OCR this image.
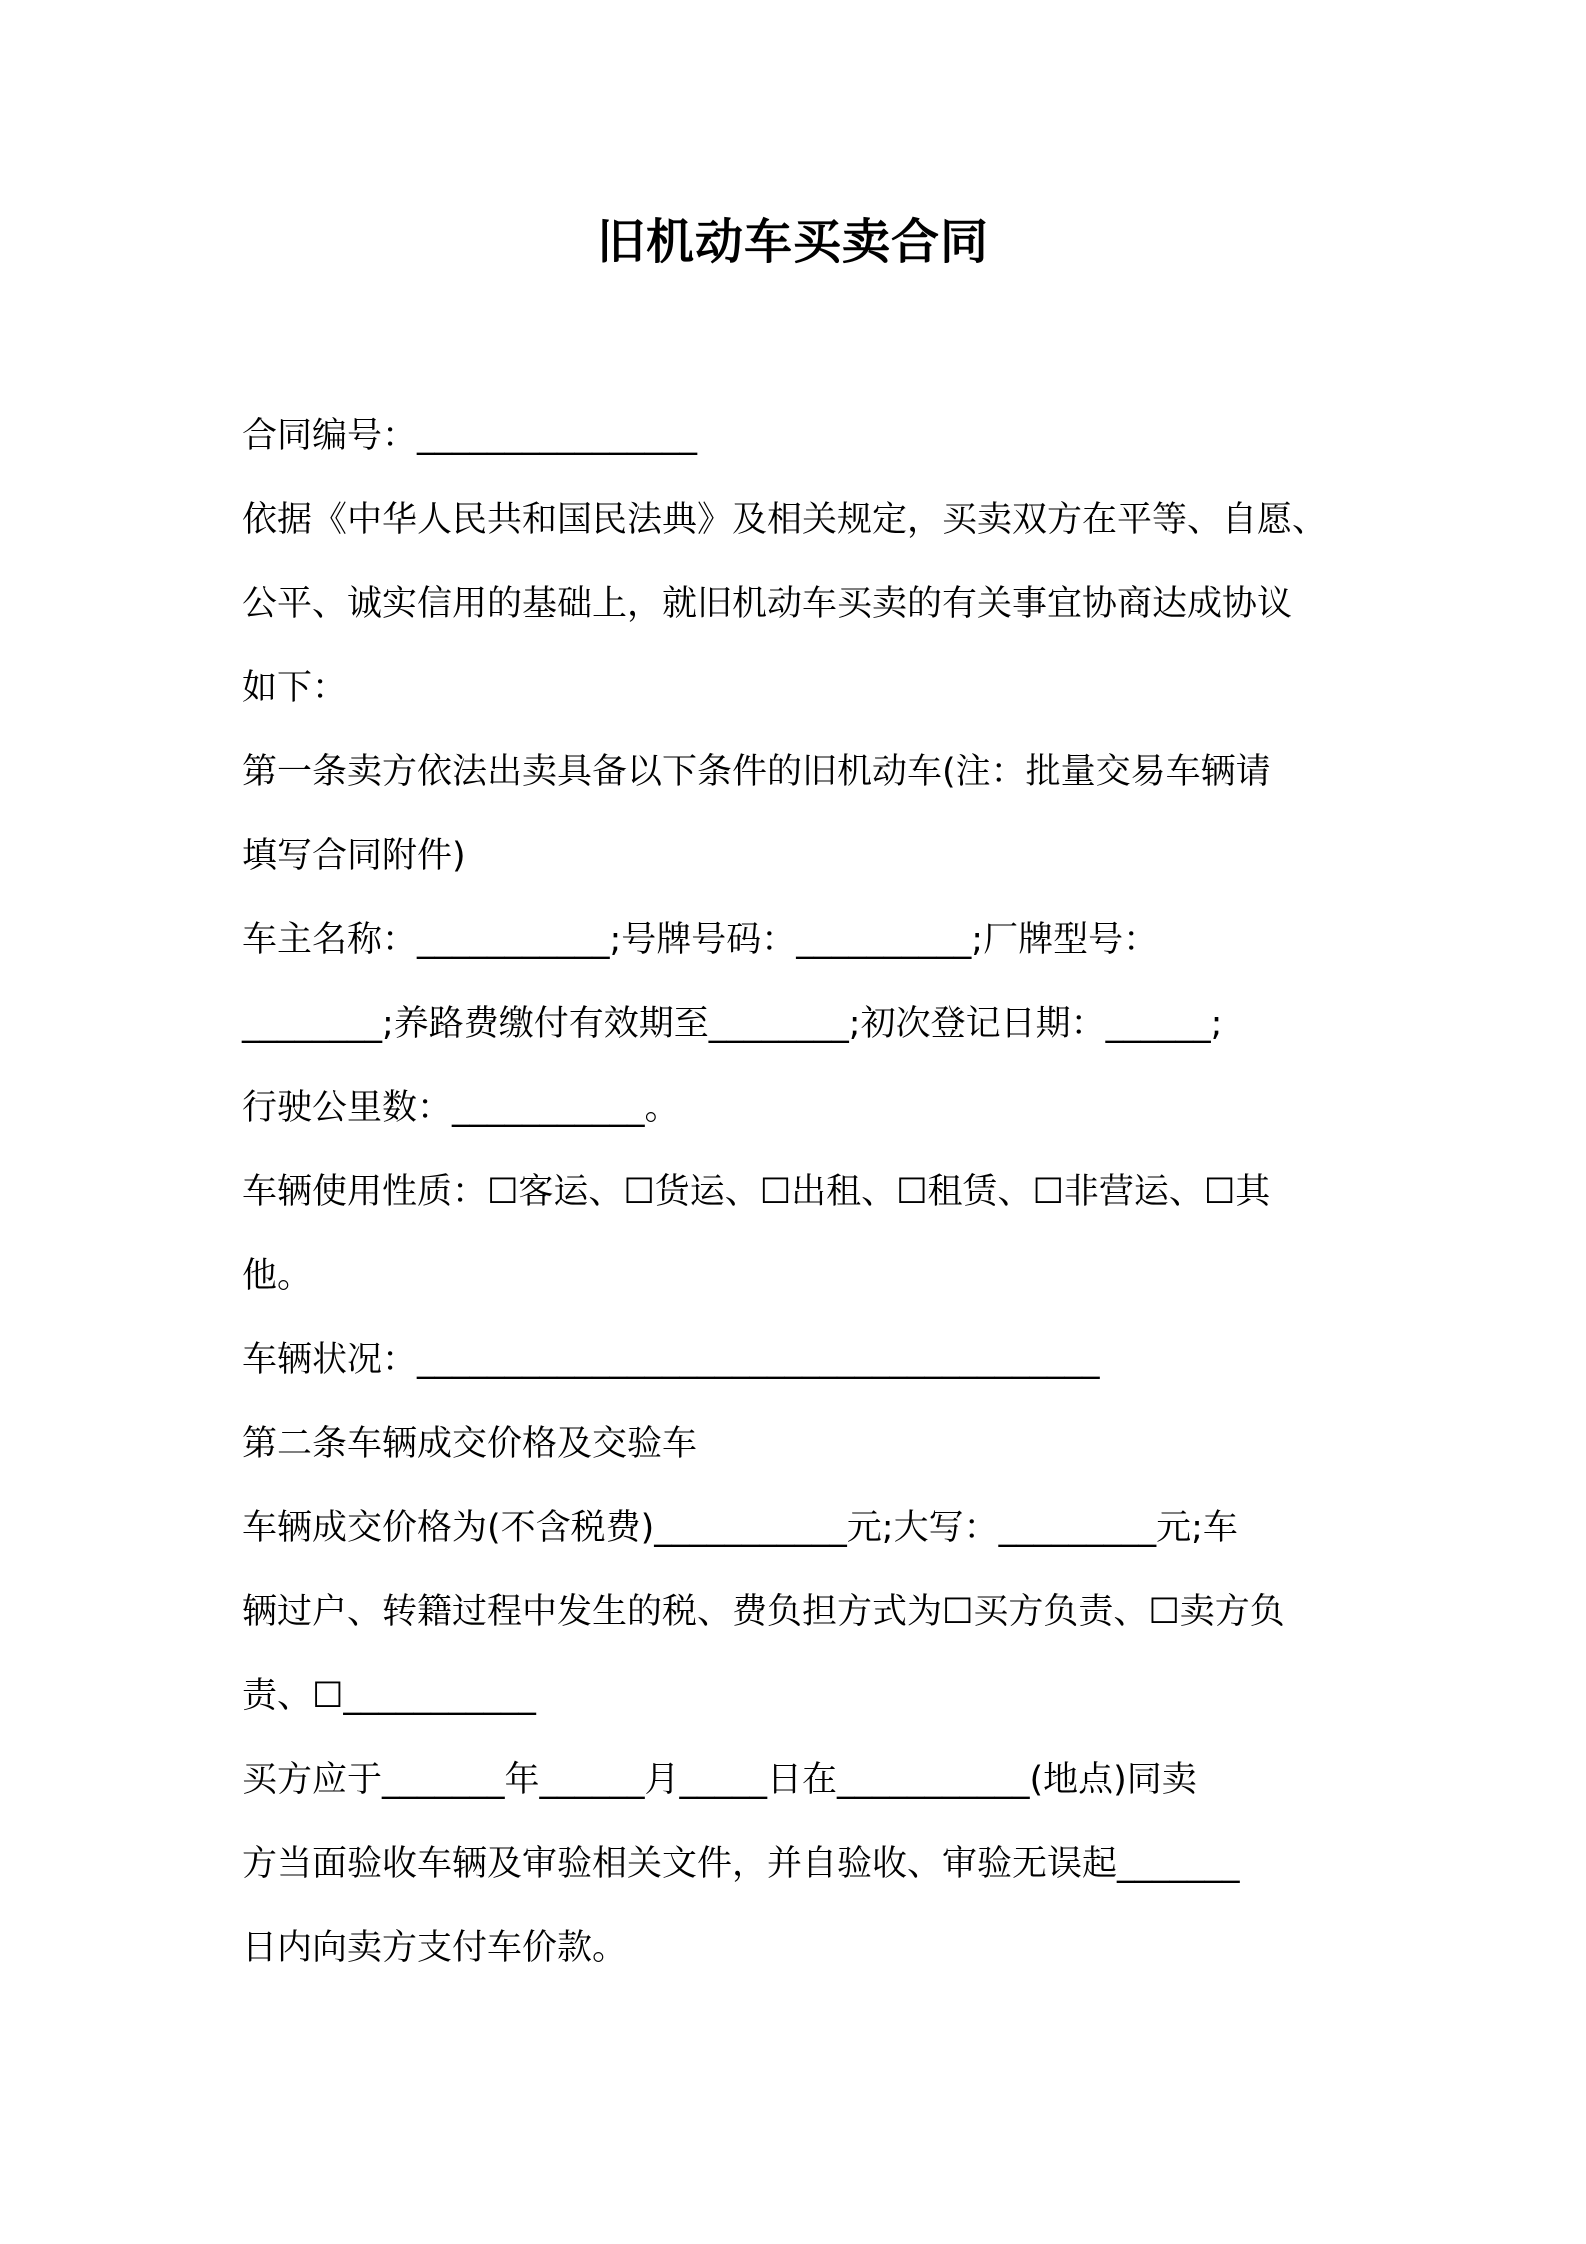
旧机动车买卖合同
合同编号：________________
依据《中华人民共和国民法典》及相关规定，买卖双方在平等、自愿、
公平、诚实信用的基础上，就旧机动车买卖的有关事宜协商达成协议
如下：
第一条卖方依法出卖具备以下条件的旧机动车(注：批量交易车辆请
填写合同附件)
车主名称：___________;号牌号码：__________;厂牌型号：
________;养路费缴付有效期至________;初次登记日期：______;
行驶公里数：___________。
车辆使用性质：☐客运、☐货运、☐出租、☐租赁、☐非营运、☐其
他。
车辆状况：_______________________________________
第二条车辆成交价格及交验车
车辆成交价格为(不含税费)___________元;大写：_________元;车
辆过户、转籍过程中发生的税、费负担方式为☐买方负责、☐卖方负
责、☐___________
买方应于_______年______月_____日在___________(地点)同卖
方当面验收车辆及审验相关文件，并自验收、审验无误起_______
日内向卖方支付车价款。
